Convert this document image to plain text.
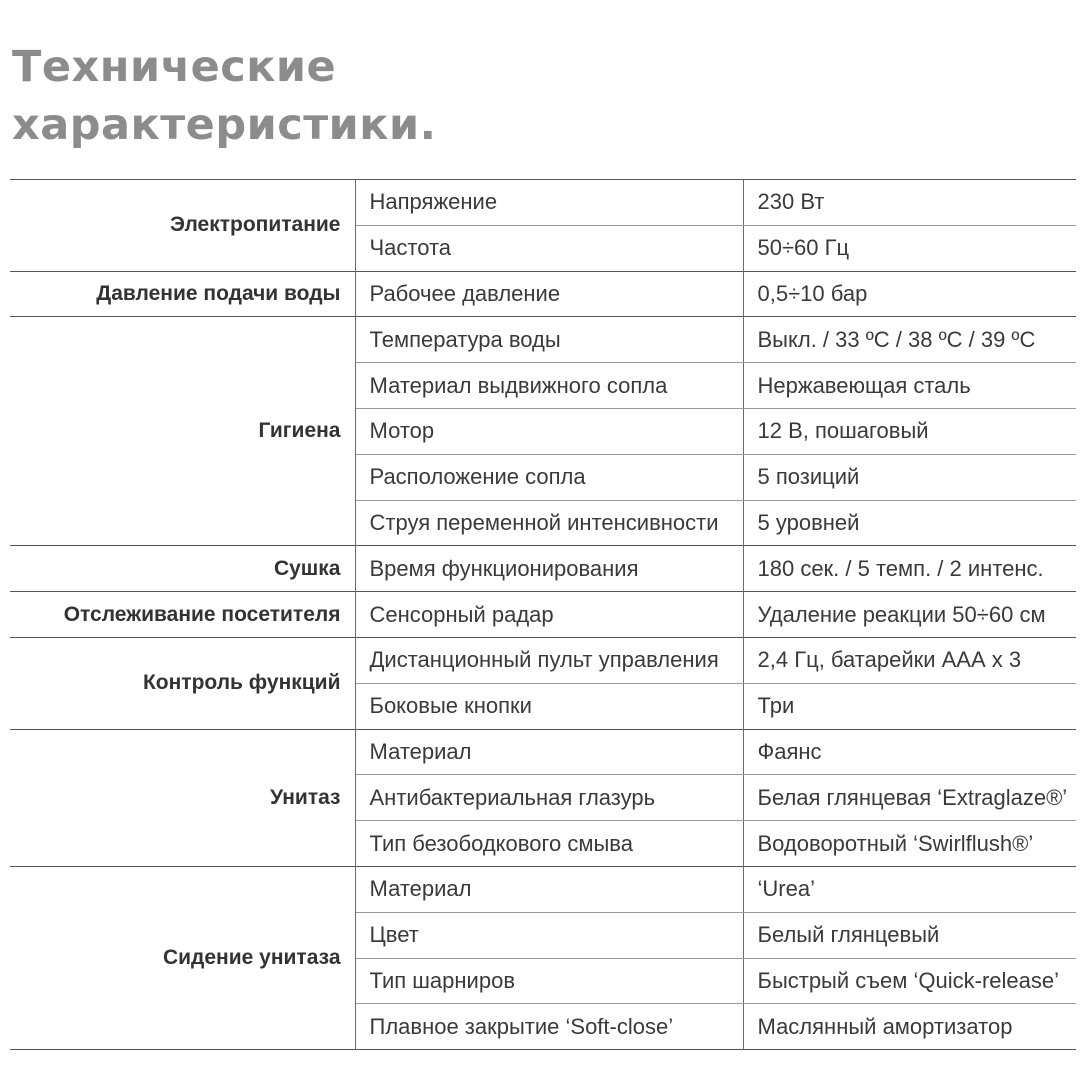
Технические
характеристики.
Электропитание	Напряжение	230 Вт
	Частота	50÷60 Гц
Давление подачи воды	Рабочее давление	0,5÷10 бар
Гигиена	Температура воды	Выкл. / 33 ºС / 38 ºС / 39 ºС
	Материал выдвижного сопла	Нержавеющая сталь
	Мотор	12 В, пошаговый
	Расположение сопла	5 позиций
	Струя переменной интенсивности	5 уровней
Сушка	Время функционирования	180 сек. / 5 темп. / 2 интенс.
Отслеживание посетителя	Сенсорный радар	Удаление реакции 50÷60 см
Контроль функций	Дистанционный пульт управления	2,4 Гц, батарейки ААА х 3
	Боковые кнопки	Три
Унитаз	Материал	Фаянс
	Антибактериальная глазурь	Белая глянцевая ‘Extraglaze®’
	Тип безободкового смыва	Водоворотный ‘Swirlflush®’
Сидение унитаза	Материал	‘Urea’
	Цвет	Белый глянцевый
	Тип шарниров	Быстрый съем ‘Quick-release’
	Плавное закрытие ‘Soft-close’	Маслянный амортизатор
